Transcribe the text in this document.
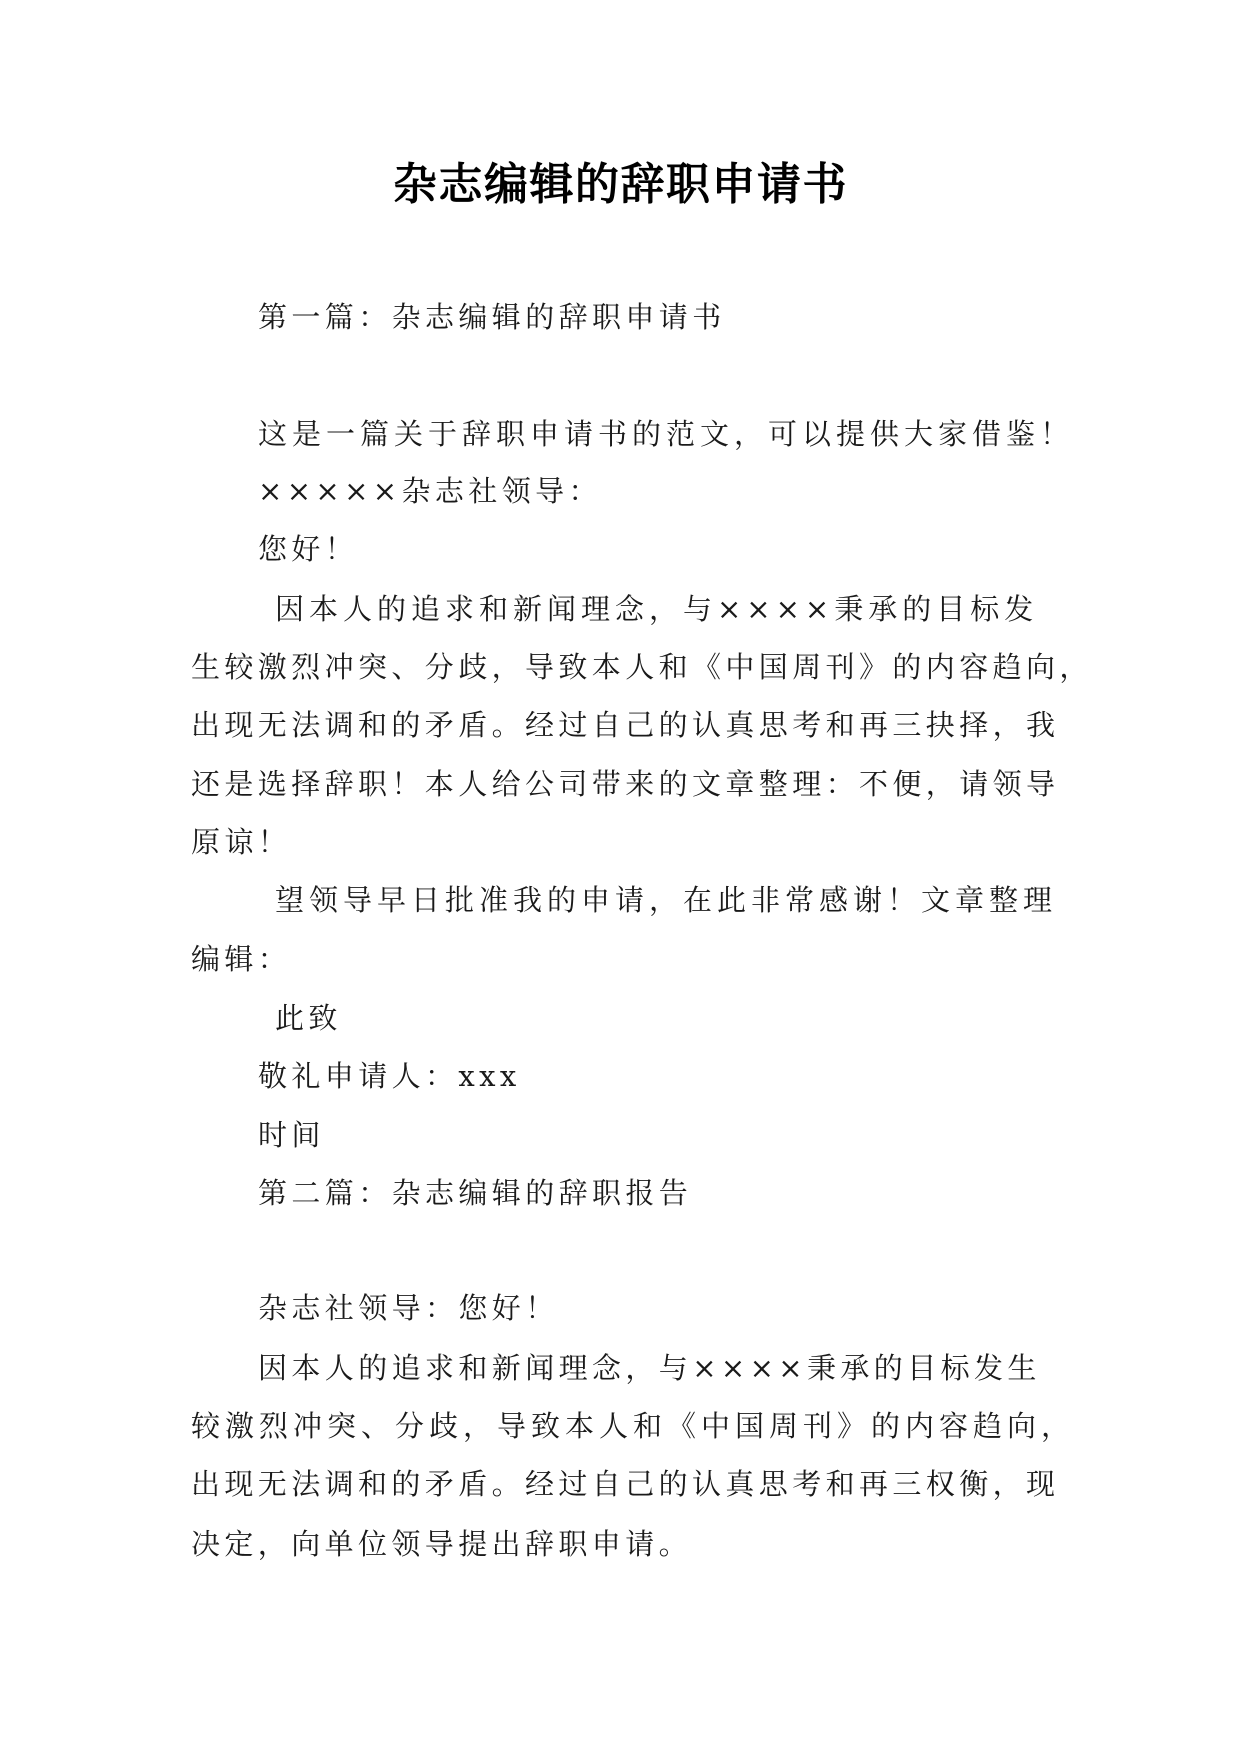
杂志编辑的辞职申请书
第一篇：杂志编辑的辞职申请书
这是一篇关于辞职申请书的范文，可以提供大家借鉴！
×××××杂志社领导：
您好！
因本人的追求和新闻理念，与××××秉承的目标发
生较激烈冲突、分歧，导致本人和《中国周刊》的内容趋向，
出现无法调和的矛盾。经过自己的认真思考和再三抉择，我
还是选择辞职！本人给公司带来的文章整理：不便，请领导
原谅！
望领导早日批准我的申请，在此非常感谢！文章整理
编辑：
此致
敬礼申请人：xxx
时间
第二篇：杂志编辑的辞职报告
杂志社领导：您好！
因本人的追求和新闻理念，与××××秉承的目标发生
较激烈冲突、分歧，导致本人和《中国周刊》的内容趋向，
出现无法调和的矛盾。经过自己的认真思考和再三权衡，现
决定，向单位领导提出辞职申请。
